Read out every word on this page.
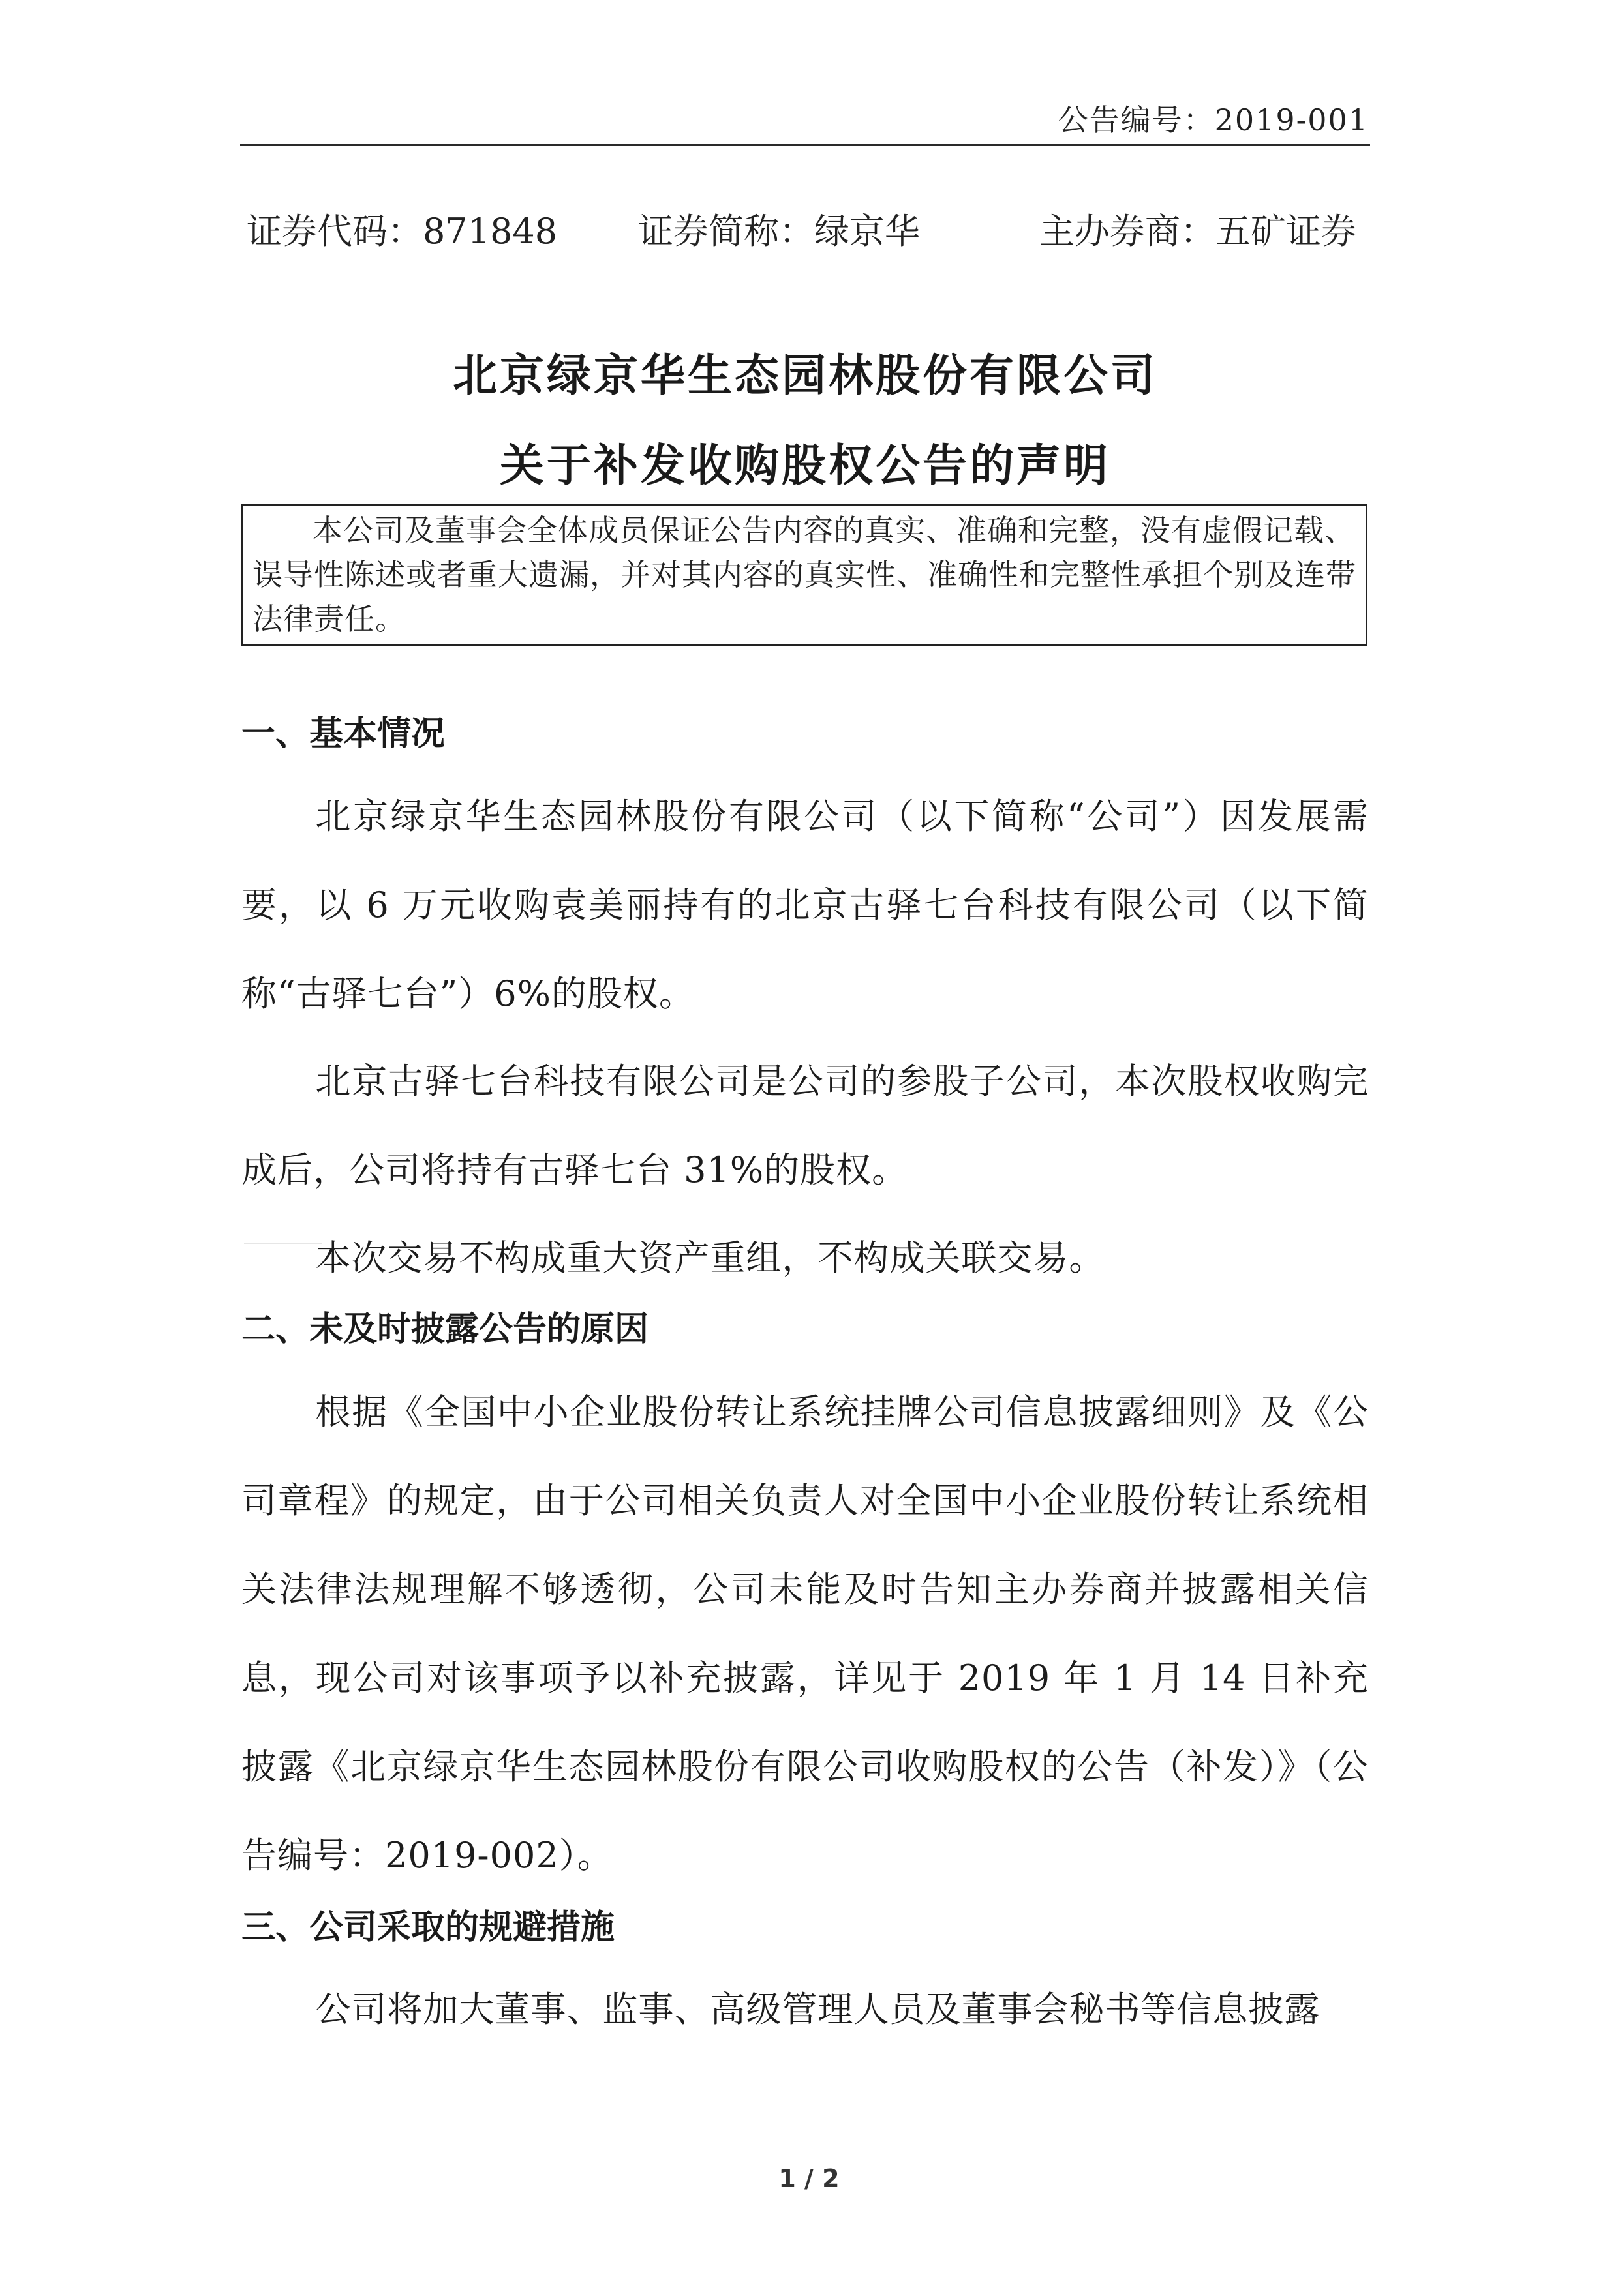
公告编号：2019-001
证券代码：871848 证券简称：绿京华	主办券商：五矿证券
北京绿京华生态园林股份有限公司
关于补发收购股权公告的声明
本公司及董事会全体成员保证公告内容的真实、准确和完整，没有虚假记载、误导性陈述或者重大遗漏，并对其内容的真实性、准确性和完整性承担个别及连带法律责任。
一、基本情况
北京绿京华生态园林股份有限公司（以下简称“公司”）因发展需要，以 6 万元收购袁美丽持有的北京古驿七台科技有限公司（以下简称“古驿七台”）6%的股权。
北京古驿七台科技有限公司是公司的参股子公司，本次股权收购完成后，公司将持有古驿七台 31%的股权。
本次交易不构成重大资产重组，不构成关联交易。
二、未及时披露公告的原因
根据《全国中小企业股份转让系统挂牌公司信息披露细则》及《公司章程》的规定，由于公司相关负责人对全国中小企业股份转让系统相关法律法规理解不够透彻，公司未能及时告知主办券商并披露相关信息，现公司对该事项予以补充披露，详见于 2019 年 1 月 14 日补充披露《北京绿京华生态园林股份有限公司收购股权的公告（补发）》（公告编号：2019-002）。
三、公司采取的规避措施
公司将加大董事、监事、高级管理人员及董事会秘书等信息披露
1 / 2
